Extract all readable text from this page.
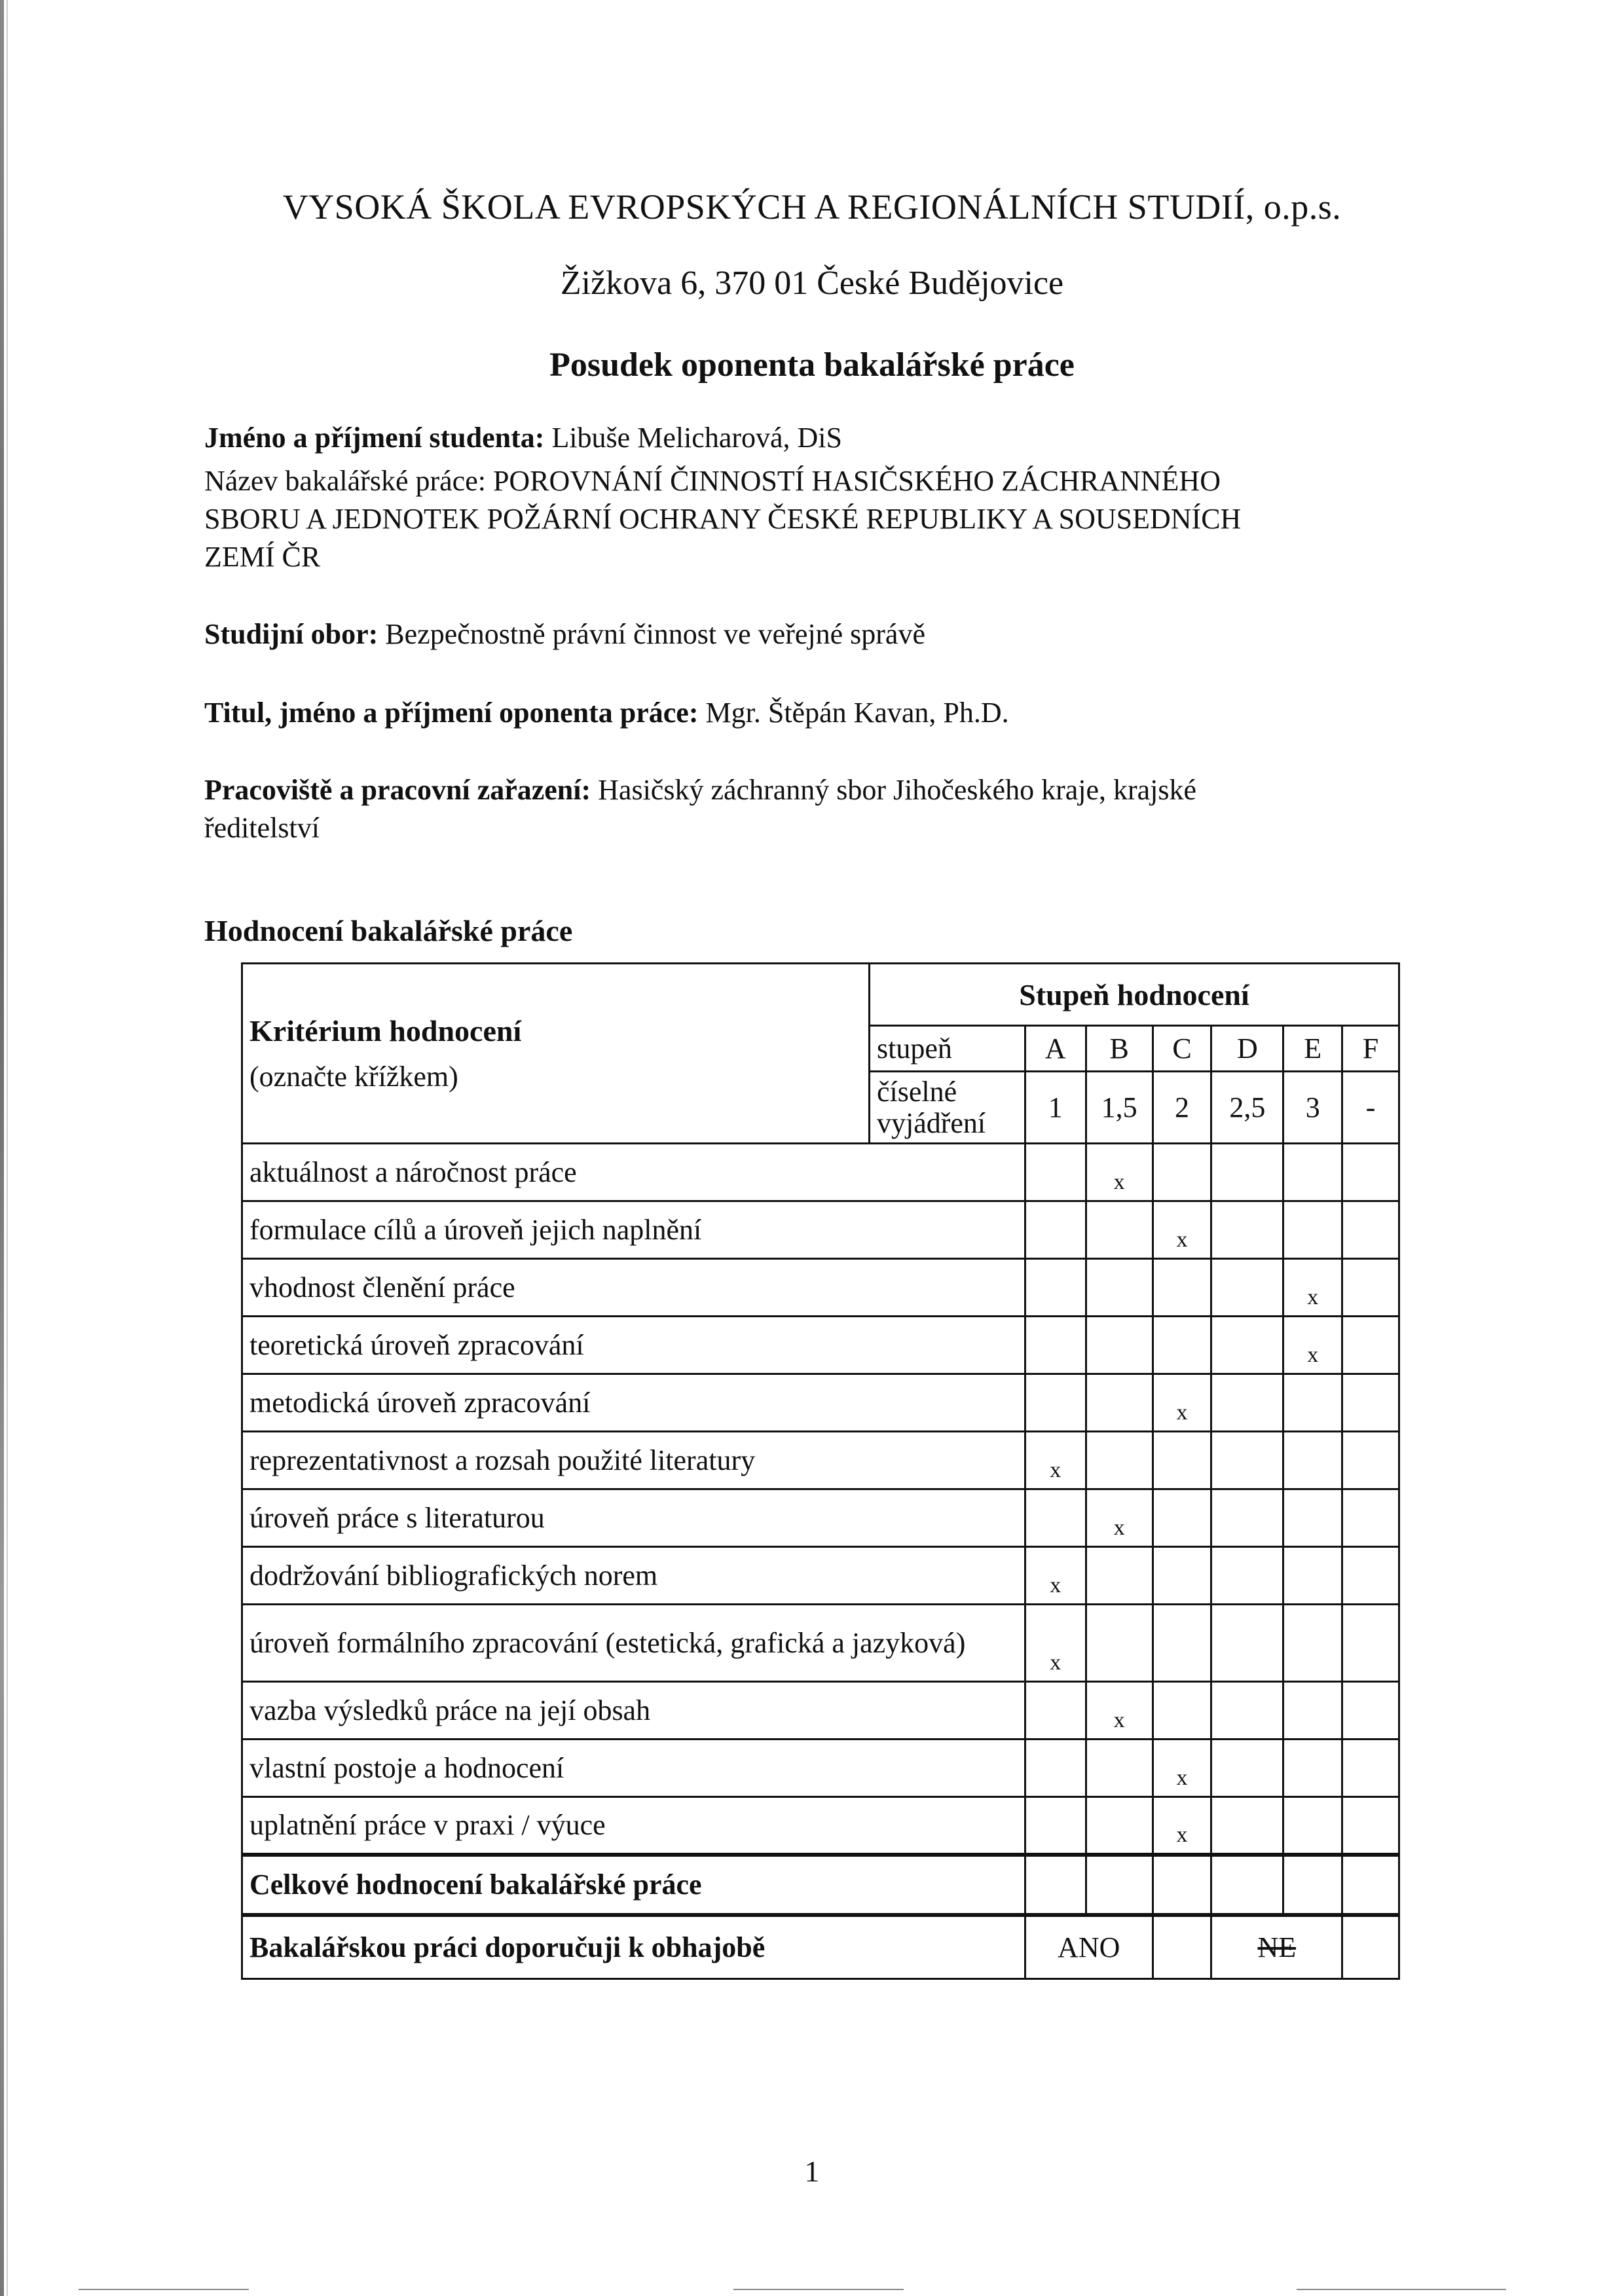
VYSOKÁ ŠKOLA EVROPSKÝCH A REGIONÁLNÍCH STUDIÍ, o.p.s.
Žižkova 6, 370 01 České Budějovice
Posudek oponenta bakalářské práce
Jméno a příjmení studenta: Libuše Melicharová, DiS
Název bakalářské práce: POROVNÁNÍ ČINNOSTÍ HASIČSKÉHO ZÁCHRANNÉHO
SBORU A JEDNOTEK POŽÁRNÍ OCHRANY ČESKÉ REPUBLIKY A SOUSEDNÍCH
ZEMÍ ČR
Studijní obor: Bezpečnostně právní činnost ve veřejné správě
Titul, jméno a příjmení oponenta práce: Mgr. Štěpán Kavan, Ph.D.
Pracoviště a pracovní zařazení: Hasičský záchranný sbor Jihočeského kraje, krajské
ředitelství
Hodnocení bakalářské práce
Kritérium hodnocení
(označte křížkem)	Stupeň hodnocení						
	stupeň	A	B	C	D	E	F
	číselné
vyjádření	1	1,5	2	2,5	3	-
aktuálnost a náročnost práce			x				
formulace cílů a úroveň jejich naplnění				x			
vhodnost členění práce						x	
teoretická úroveň zpracování						x	
metodická úroveň zpracování				x			
reprezentativnost a rozsah použité literatury		x					
úroveň práce s literaturou			x				
dodržování bibliografických norem		x					
úroveň formálního zpracování (estetická, grafická a jazyková)		x					
vazba výsledků práce na její obsah			x				
vlastní postoje a hodnocení				x			
uplatnění práce v praxi / výuce				x			
Celkové hodnocení bakalářské práce							
Bakalářskou práci doporučuji k obhajobě		ANO			NE		
1
